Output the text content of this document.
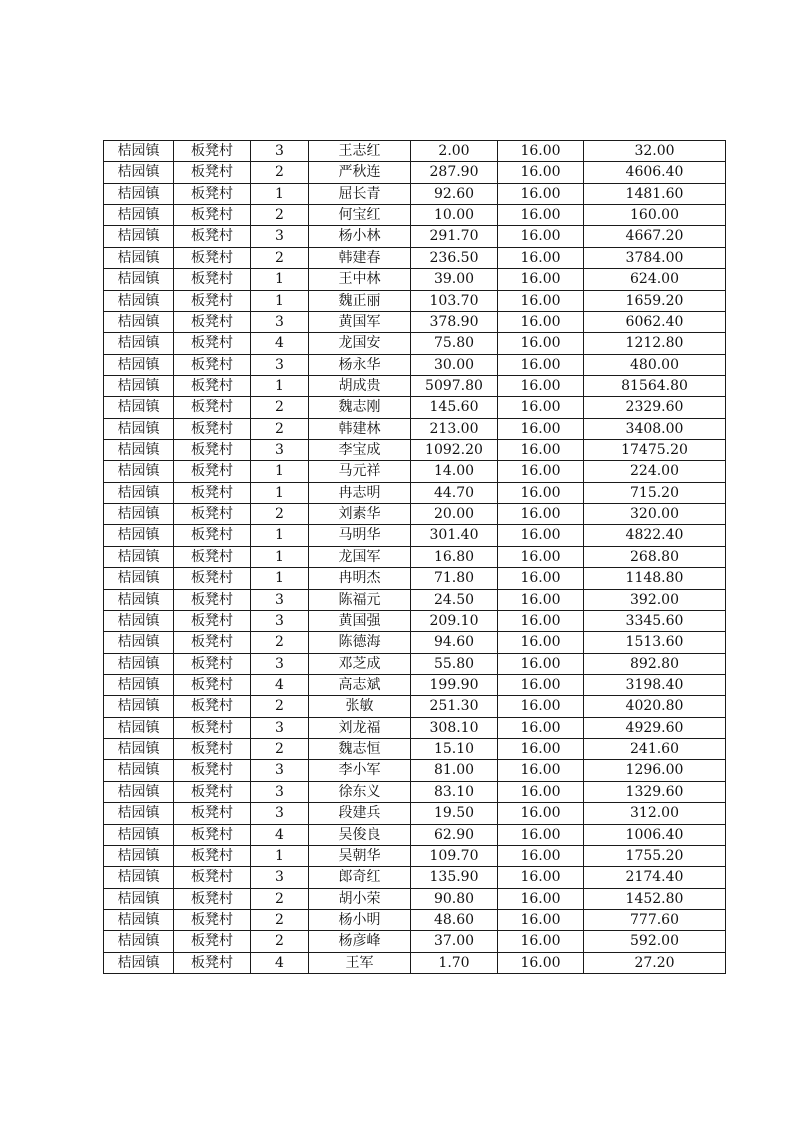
桔园镇	板凳村	3	王志红	2.00	16.00	32.00
桔园镇	板凳村	2	严秋连	287.90	16.00	4606.40
桔园镇	板凳村	1	屈长青	92.60	16.00	1481.60
桔园镇	板凳村	2	何宝红	10.00	16.00	160.00
桔园镇	板凳村	3	杨小林	291.70	16.00	4667.20
桔园镇	板凳村	2	韩建春	236.50	16.00	3784.00
桔园镇	板凳村	1	王中林	39.00	16.00	624.00
桔园镇	板凳村	1	魏正丽	103.70	16.00	1659.20
桔园镇	板凳村	3	黄国军	378.90	16.00	6062.40
桔园镇	板凳村	4	龙国安	75.80	16.00	1212.80
桔园镇	板凳村	3	杨永华	30.00	16.00	480.00
桔园镇	板凳村	1	胡成贵	5097.80	16.00	81564.80
桔园镇	板凳村	2	魏志刚	145.60	16.00	2329.60
桔园镇	板凳村	2	韩建林	213.00	16.00	3408.00
桔园镇	板凳村	3	李宝成	1092.20	16.00	17475.20
桔园镇	板凳村	1	马元祥	14.00	16.00	224.00
桔园镇	板凳村	1	冉志明	44.70	16.00	715.20
桔园镇	板凳村	2	刘素华	20.00	16.00	320.00
桔园镇	板凳村	1	马明华	301.40	16.00	4822.40
桔园镇	板凳村	1	龙国军	16.80	16.00	268.80
桔园镇	板凳村	1	冉明杰	71.80	16.00	1148.80
桔园镇	板凳村	3	陈福元	24.50	16.00	392.00
桔园镇	板凳村	3	黄国强	209.10	16.00	3345.60
桔园镇	板凳村	2	陈德海	94.60	16.00	1513.60
桔园镇	板凳村	3	邓芝成	55.80	16.00	892.80
桔园镇	板凳村	4	高志斌	199.90	16.00	3198.40
桔园镇	板凳村	2	张敏	251.30	16.00	4020.80
桔园镇	板凳村	3	刘龙福	308.10	16.00	4929.60
桔园镇	板凳村	2	魏志恒	15.10	16.00	241.60
桔园镇	板凳村	3	李小军	81.00	16.00	1296.00
桔园镇	板凳村	3	徐东义	83.10	16.00	1329.60
桔园镇	板凳村	3	段建兵	19.50	16.00	312.00
桔园镇	板凳村	4	吴俊良	62.90	16.00	1006.40
桔园镇	板凳村	1	吴朝华	109.70	16.00	1755.20
桔园镇	板凳村	3	郎奇红	135.90	16.00	2174.40
桔园镇	板凳村	2	胡小荣	90.80	16.00	1452.80
桔园镇	板凳村	2	杨小明	48.60	16.00	777.60
桔园镇	板凳村	2	杨彦峰	37.00	16.00	592.00
桔园镇	板凳村	4	王军	1.70	16.00	27.20
